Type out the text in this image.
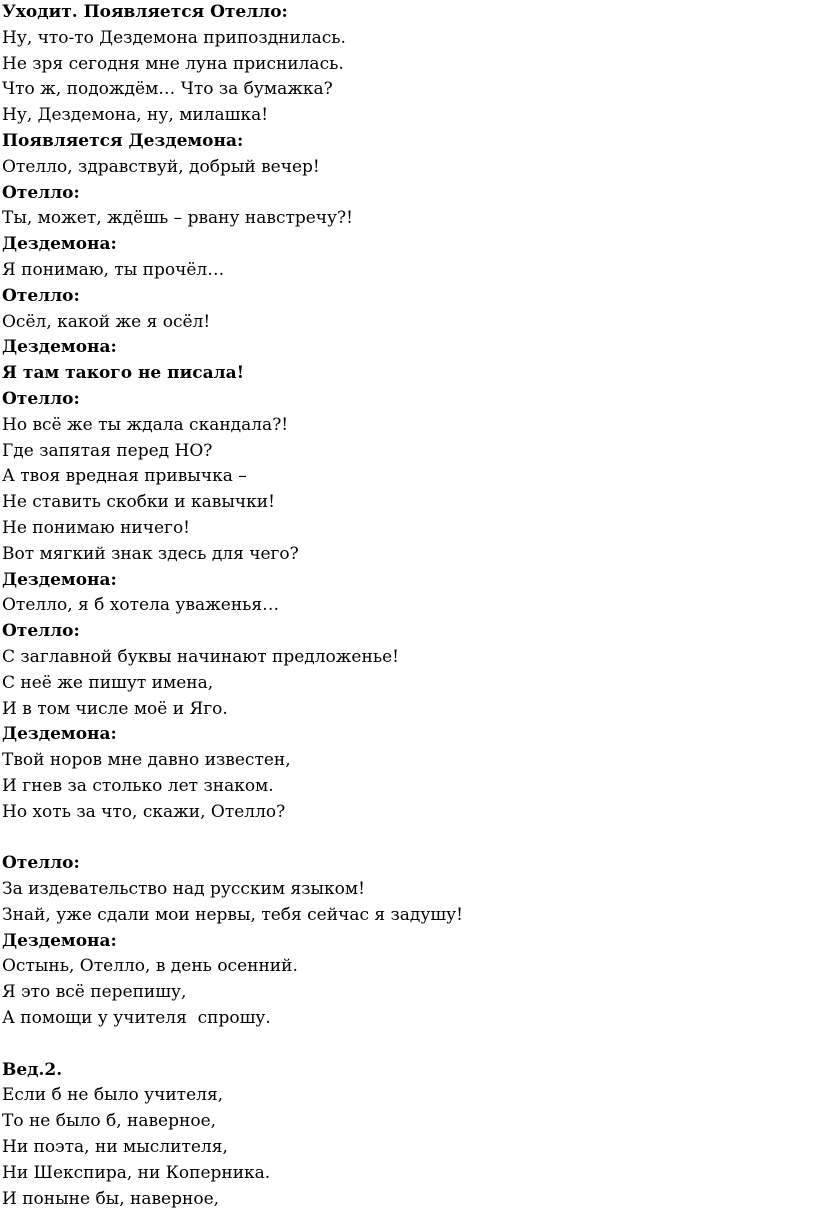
Уходит. Появляется Отелло:
Ну, что-то Дездемона припозднилась.
Не зря сегодня мне луна приснилась.
Что ж, подождём… Что за бумажка?
Ну, Дездемона, ну, милашка!
Появляется Дездемона:
Отелло, здравствуй, добрый вечер!
Отелло:
Ты, может, ждёшь – рвану навстречу?!
Дездемона:
Я понимаю, ты прочёл…
Отелло:
Осёл, какой же я осёл!
Дездемона:
Я там такого не писала!
Отелло:
Но всё же ты ждала скандала?!
Где запятая перед НО?
А твоя вредная привычка –
Не ставить скобки и кавычки!
Не понимаю ничего!
Вот мягкий знак здесь для чего?
Дездемона:
Отелло, я б хотела уваженья…
Отелло:
С заглавной буквы начинают предложенье!
С неё же пишут имена,
И в том числе моё и Яго.
Дездемона:
Твой норов мне давно известен,
И гнев за столько лет знаком.
Но хоть за что, скажи, Отелло?
Отелло:
За издевательство над русским языком!
Знай, уже сдали мои нервы, тебя сейчас я задушу!
Дездемона:
Остынь, Отелло, в день осенний.
Я это всё перепишу,
А помощи у учителя  спрошу.
Вед.2.
Если б не было учителя,
То не было б, наверное,
Ни поэта, ни мыслителя,
Ни Шекспира, ни Коперника.
И поныне бы, наверное,
